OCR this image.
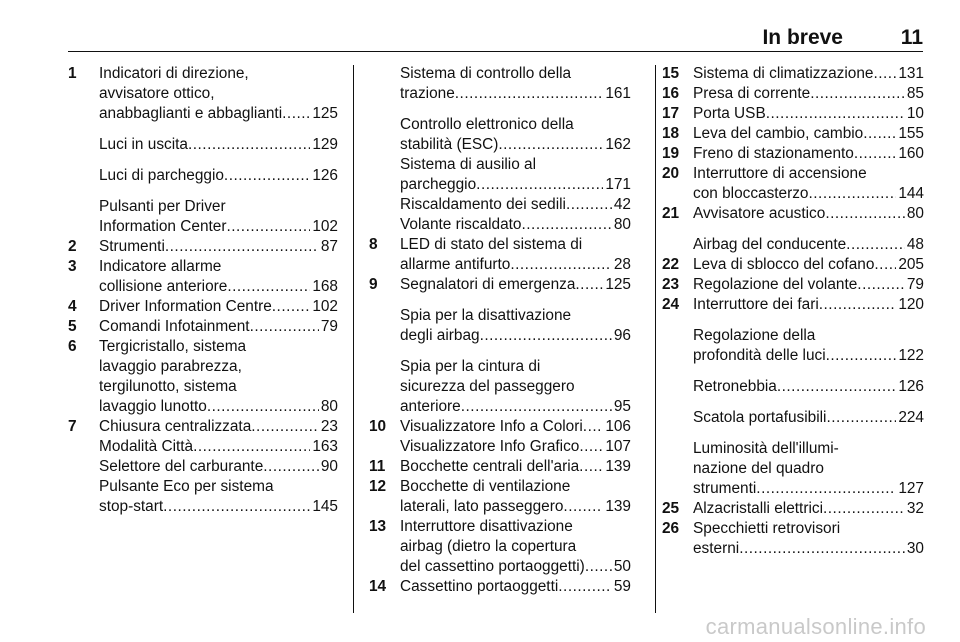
In breve	11
1	Indicatori di direzione,
avvisatore ottico,
anabbaglianti e abbaglianti ..... 125
Luci in uscita .....	129
Luci di parcheggio .....	126
Pulsanti per Driver
Information Center .....	102
2	Strumenti .....	87
3	Indicatore allarme
collisione anteriore .....	168
4	Driver Information Centre .....	102
5	Comandi Infotainment .....	79
6	Tergicristallo, sistema
lavaggio parabrezza,
tergilunotto, sistema
lavaggio lunotto .....	80
7	Chiusura centralizzata .....	23
Modalità Città .....	163
Selettore del carburante .....	90
Pulsante Eco per sistema
stop-start .....	145
Sistema di controllo della
trazione .....	161
Controllo elettronico della
stabilità (ESC) .....	162
Sistema di ausilio al
parcheggio .....	171
Riscaldamento dei sedili .....	42
Volante riscaldato .....	80
8	LED di stato del sistema di
allarme antifurto .....	28
9	Segnalatori di emergenza ..... 125
Spia per la disattivazione
degli airbag .....	96
Spia per la cintura di
sicurezza del passeggero
anteriore .....	95
10 Visualizzatore Info a Colori ..... 106
Visualizzatore Info Grafico ..... 107
11 Bocchette centrali dell'aria ..... 139
12 Bocchette di ventilazione
laterali, lato passeggero .....	139
13 Interruttore disattivazione
airbag (dietro la copertura
del cassettino portaoggetti) ..... 50
14 Cassettino portaoggetti .....	59
15 Sistema di climatizzazione ..... 131
16 Presa di corrente .....	85
17 Porta USB .....	10
18 Leva del cambio, cambio ..... 155
19 Freno di stazionamento .....	160
20 Interruttore di accensione
con bloccasterzo .....	144
21 Avvisatore acustico .....	80
Airbag del conducente .....	48
22 Leva di sblocco del cofano ..... 205
23 Regolazione del volante .....	79
24 Interruttore dei fari .....	120
Regolazione della
profondità delle luci .....	122
Retronebbia .....	126
Scatola portafusibili .....	224
Luminosità dell'illumi-
nazione del quadro
strumenti .....	127
25 Alzacristalli elettrici .....	32
26 Specchietti retrovisori
esterni .....	30
carmanualsonline.info
